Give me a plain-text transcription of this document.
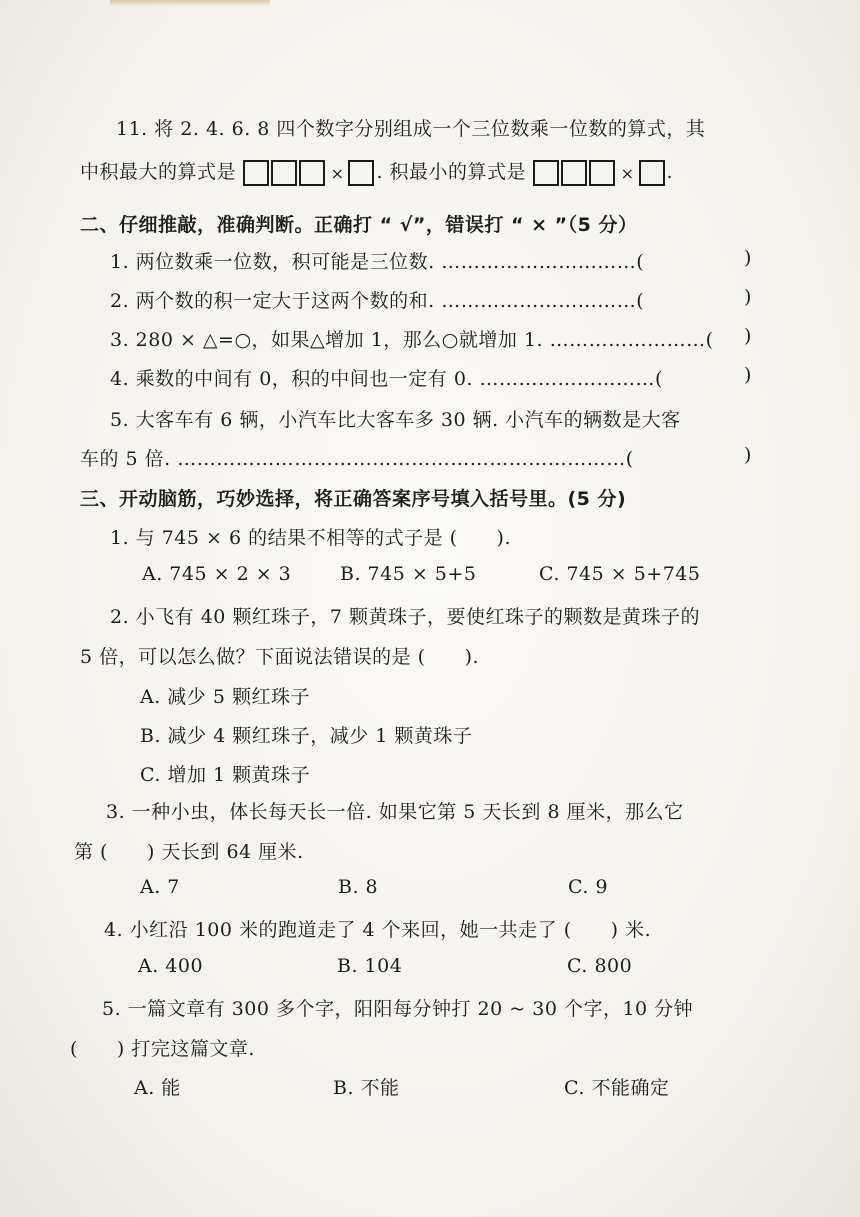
11. 将 2. 4. 6. 8 四个数字分别组成一个三位数乘一位数的算式，其
中积最大的算式是	× . 积最小的算式是	× .
二、仔细推敲，准确判断。正确打 “ √”，错误打 “ × ”（5 分）
1. 两位数乘一位数，积可能是三位数. …………………………(	)
2. 两个数的积一定大于这两个数的和. …………………………(	)
3. 280 × △=○，如果△增加 1，那么○就增加 1. ……………………( )
4. 乘数的中间有 0，积的中间也一定有 0. ………………………(	)
5. 大客车有 6 辆，小汽车比大客车多 30 辆. 小汽车的辆数是大客
车的 5 倍. ……………………………………………………………(	)
三、开动脑筋，巧妙选择，将正确答案序号填入括号里。(5 分)
1. 与 745 × 6 的结果不相等的式子是 (　　).
A. 745 × 2 × 3	B. 745 × 5+5	C. 745 × 5+745
2. 小飞有 40 颗红珠子，7 颗黄珠子，要使红珠子的颗数是黄珠子的
5 倍，可以怎么做？下面说法错误的是 (　　).
A. 减少 5 颗红珠子
B. 减少 4 颗红珠子，减少 1 颗黄珠子
C. 增加 1 颗黄珠子
3. 一种小虫，体长每天长一倍. 如果它第 5 天长到 8 厘米，那么它
第 (　　) 天长到 64 厘米.
A. 7	B. 8	C. 9
4. 小红沿 100 米的跑道走了 4 个来回，她一共走了 (　　) 米.
A. 400	B. 104	C. 800
5. 一篇文章有 300 多个字，阳阳每分钟打 20 ~ 30 个字，10 分钟
(　　) 打完这篇文章.
A. 能	B. 不能	C. 不能确定
